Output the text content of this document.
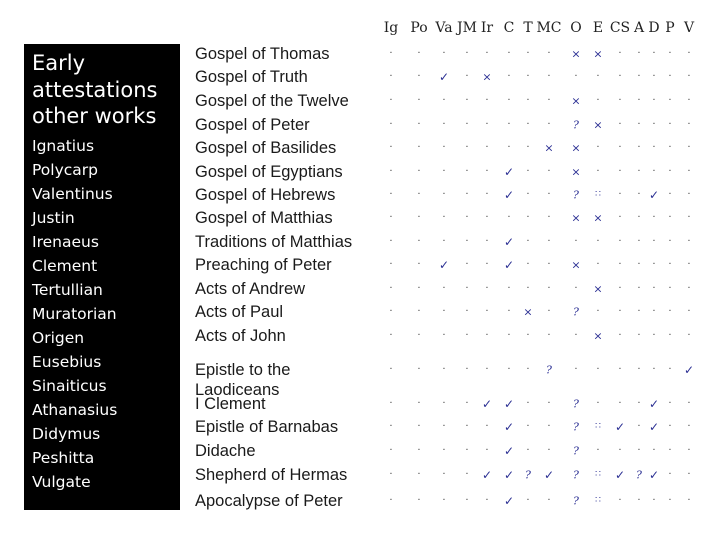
Early
attestations
other works
Ignatius
Polycarp
Valentinus
Justin
Irenaeus
Clement
Tertullian
Muratorian
Origen
Eusebius
Sinaiticus
Athanasius
Didymus
Peshitta
Vulgate
Ig Po Va JM Ir C T MC O E CS A D P V
Gospel of Thomas	· · · · · · · · × × · · · · ·
Gospel of Truth	· · ✓ · × · · · · · · · · · ·
Gospel of the Twelve	· · · · · · · · × · · · · · ·
Gospel of Peter	· · · · · · · · ? × · · · · ·
Gospel of Basilides	· · · · · · · × × · · · · · ·
Gospel of Egyptians	· · · · · ✓ · · × · · · · · ·
Gospel of Hebrews	· · · · · ✓ · · ? ∷ · · ✓ · ·
Gospel of Matthias	· · · · · · · · × × · · · · ·
Traditions of Matthias	· · · · · ✓ · · · · · · · · ·
Preaching of Peter	· · ✓ · · ✓ · · × · · · · · ·
Acts of Andrew	· · · · · · · · · × · · · · ·
Acts of Paul	· · · · · · × · ? · · · · · ·
Acts of John	· · · · · · · · · × · · · · ·
Epistle to the
Laodiceans
· · · · · · · ? · · · · · · ✓
I Clement	· · · · ✓ ✓ · · ? · · · ✓ · ·
Epistle of Barnabas	· · · · · ✓ · · ? ∷ ✓ · ✓ · ·
Didache	· · · · · ✓ · · ? · · · · · ·
Shepherd of Hermas	· · · · ✓ ✓ ? ✓ ? ∷ ✓ ? ✓ · ·
Apocalypse of Peter	· · · · · ✓ · · ? ∷ · · · · ·
